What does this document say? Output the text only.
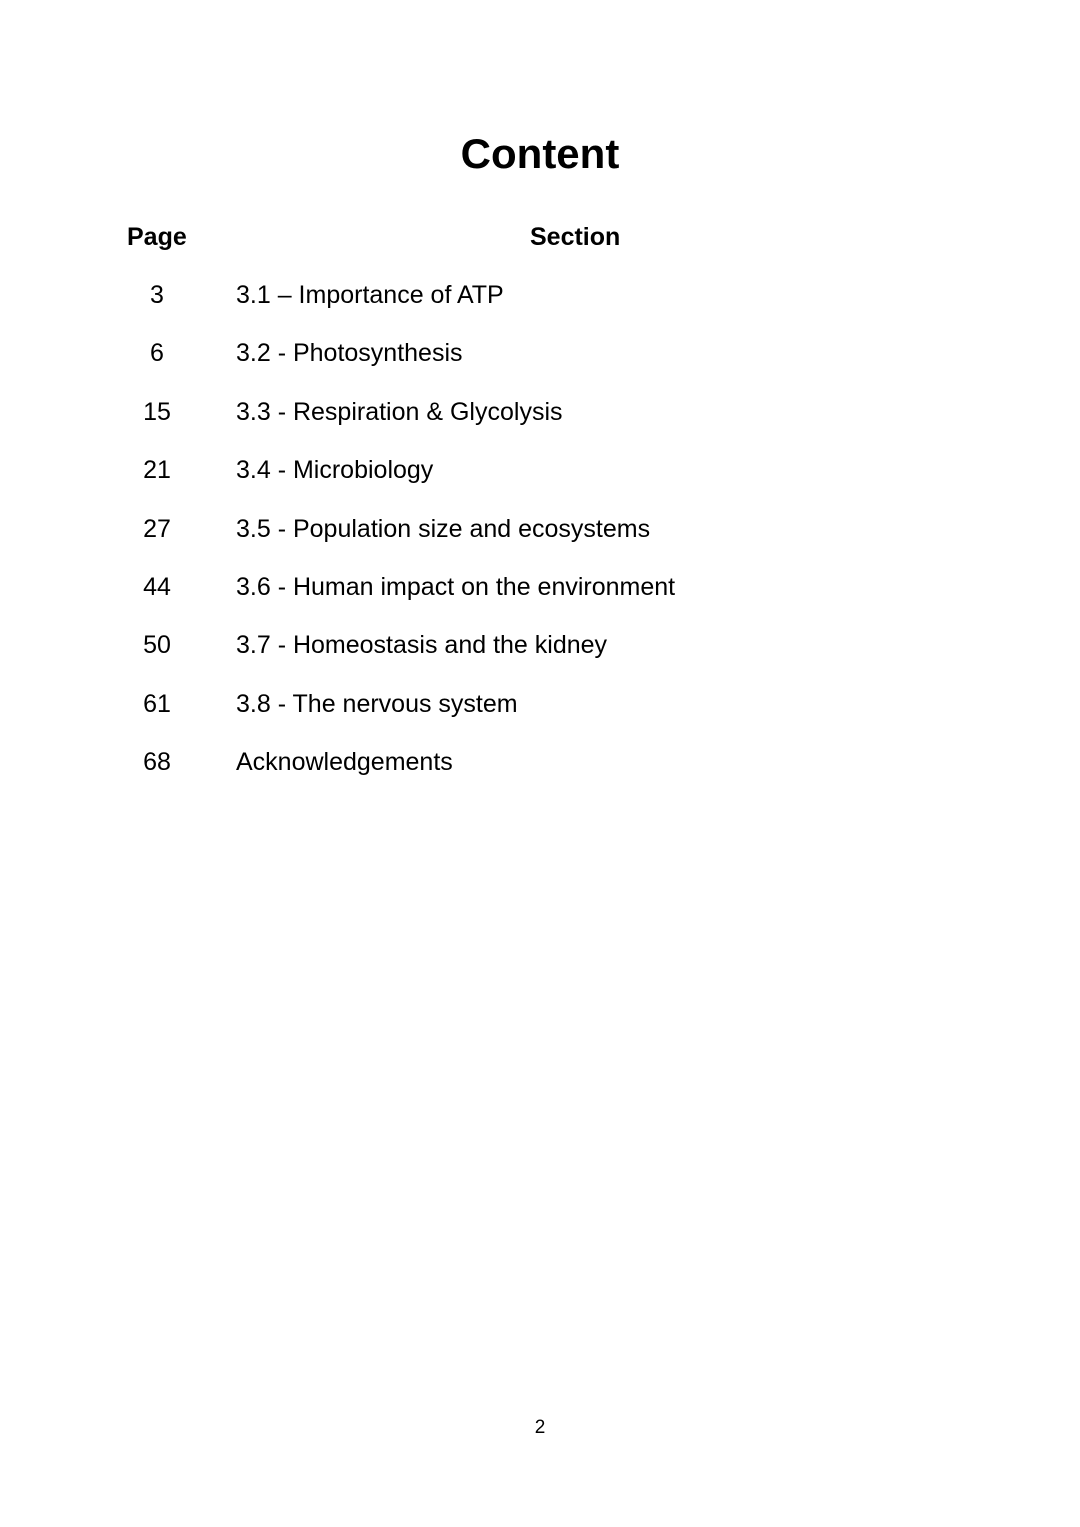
Content
Page	Section
3	3.1 – Importance of ATP
6	3.2 - Photosynthesis
15	3.3 - Respiration & Glycolysis
21	3.4 - Microbiology
27	3.5 - Population size and ecosystems
44	3.6 - Human impact on the environment
50	3.7 - Homeostasis and the kidney
61	3.8 - The nervous system
68	Acknowledgements
2
